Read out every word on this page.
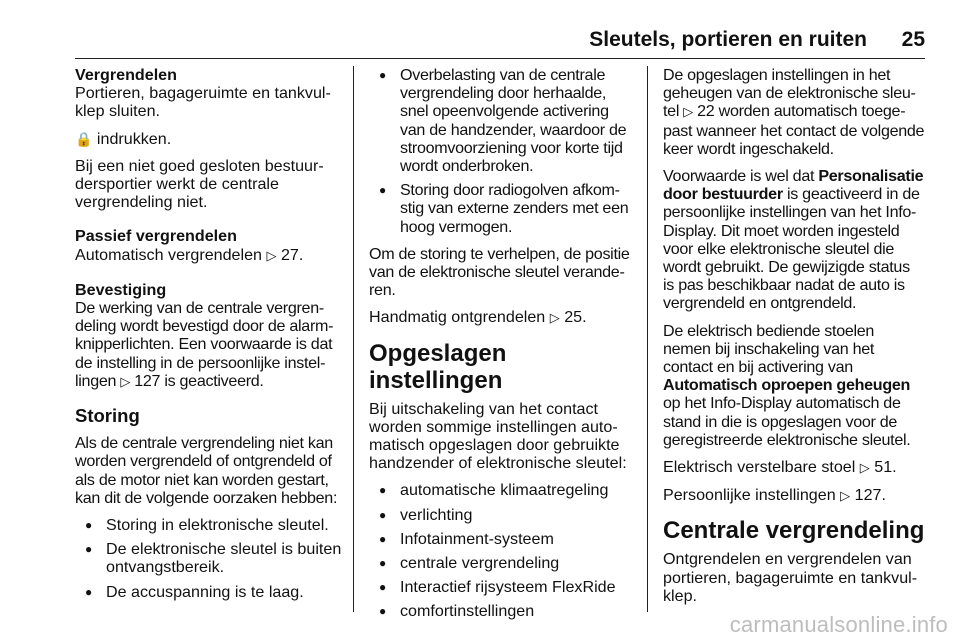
Sleutels, portieren en ruiten 25
Vergrendelen

Portieren, bagageruimte en tankvulklep sluiten.

🔒 indrukken.

Bij een niet goed gesloten bestuurdersportier werkt de centrale vergrendeling niet.

Passief vergrendelen

Automatisch vergrendelen ▷ 27.

Bevestiging

De werking van de centrale vergrendeling wordt bevestigd door de alarmknipperlichten. Een voorwaarde is dat de instelling in de persoonlijke instellingen ▷ 127 is geactiveerd.

Storing

Als de centrale vergrendeling niet kan worden vergrendeld of ontgrendeld of als de motor niet kan worden gestart, kan dit de volgende oorzaken hebben:

● Storing in elektronische sleutel.
● De elektronische sleutel is buiten ontvangstbereik.
● De accuspanning is te laag.
● Overbelasting van de centrale vergrendeling door herhaalde, snel opeenvolgende activering van de handzender, waardoor de stroomvoorziening voor korte tijd wordt onderbroken.
● Storing door radiogolven afkomstig van externe zenders met een hoog vermogen.

Om de storing te verhelpen, de positie van de elektronische sleutel veranderen.

Handmatig ontgrendelen ▷ 25.

Opgeslagen instellingen

Bij uitschakeling van het contact worden sommige instellingen automatisch opgeslagen door gebruikte handzender of elektronische sleutel:

● automatische klimaatregeling
● verlichting
● Infotainment-systeem
● centrale vergrendeling
● Interactief rijsysteem FlexRide
● comfortinstellingen

De opgeslagen instellingen in het geheugen van de elektronische sleutel ▷ 22 worden automatisch toegepast wanneer het contact de volgende keer wordt ingeschakeld.

Voorwaarde is wel dat Personalisatie door bestuurder is geactiveerd in de persoonlijke instellingen van het Info-Display. Dit moet worden ingesteld voor elke elektronische sleutel die wordt gebruikt. De gewijzigde status is pas beschikbaar nadat de auto is vergrendeld en ontgrendeld.

De elektrisch bediende stoelen nemen bij inschakeling van het contact en bij activering van Automatisch oproepen geheugen op het Info-Display automatisch de stand in die is opgeslagen voor de geregistreerde elektronische sleutel.

Elektrisch verstelbare stoel ▷ 51.

Persoonlijke instellingen ▷ 127.

Centrale vergrendeling

Ontgrendelen en vergrendelen van portieren, bagageruimte en tankvulklep.

carmanualsonline.info
